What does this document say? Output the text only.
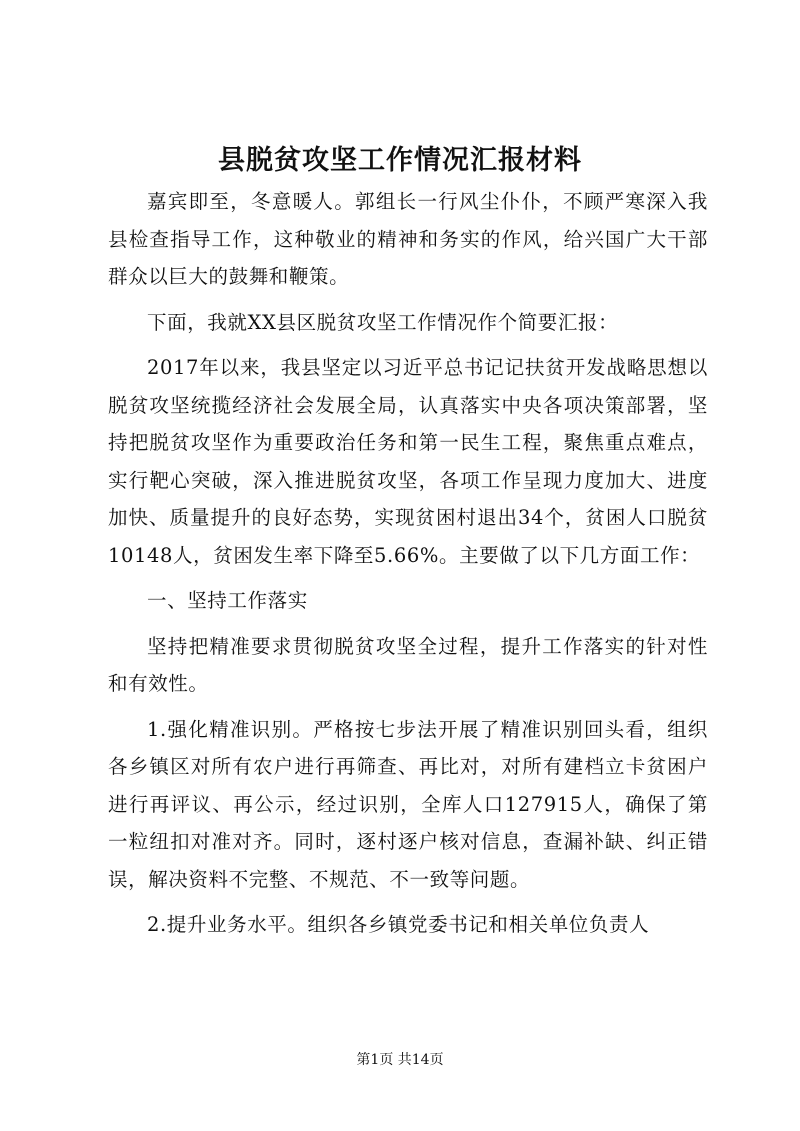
县脱贫攻坚工作情况汇报材料

嘉宾即至，冬意暖人。郭组长一行风尘仆仆，不顾严寒深入我县检查指导工作，这种敬业的精神和务实的作风，给兴国广大干部群众以巨大的鼓舞和鞭策。

下面，我就XX县区脱贫攻坚工作情况作个简要汇报：

2017年以来，我县坚定以习近平总书记记扶贫开发战略思想以脱贫攻坚统揽经济社会发展全局，认真落实中央各项决策部署，坚持把脱贫攻坚作为重要政治任务和第一民生工程，聚焦重点难点，实行靶心突破，深入推进脱贫攻坚，各项工作呈现力度加大、进度加快、质量提升的良好态势，实现贫困村退出34个，贫困人口脱贫10148人，贫困发生率下降至5.66%。主要做了以下几方面工作：

一、坚持工作落实

坚持把精准要求贯彻脱贫攻坚全过程，提升工作落实的针对性和有效性。

1.强化精准识别。严格按七步法开展了精准识别回头看，组织各乡镇区对所有农户进行再筛查、再比对，对所有建档立卡贫困户进行再评议、再公示，经过识别，全库人口127915人，确保了第一粒纽扣对准对齐。同时，逐村逐户核对信息，查漏补缺、纠正错误，解决资料不完整、不规范、不一致等问题。

2.提升业务水平。组织各乡镇党委书记和相关单位负责人

第1页 共14页
